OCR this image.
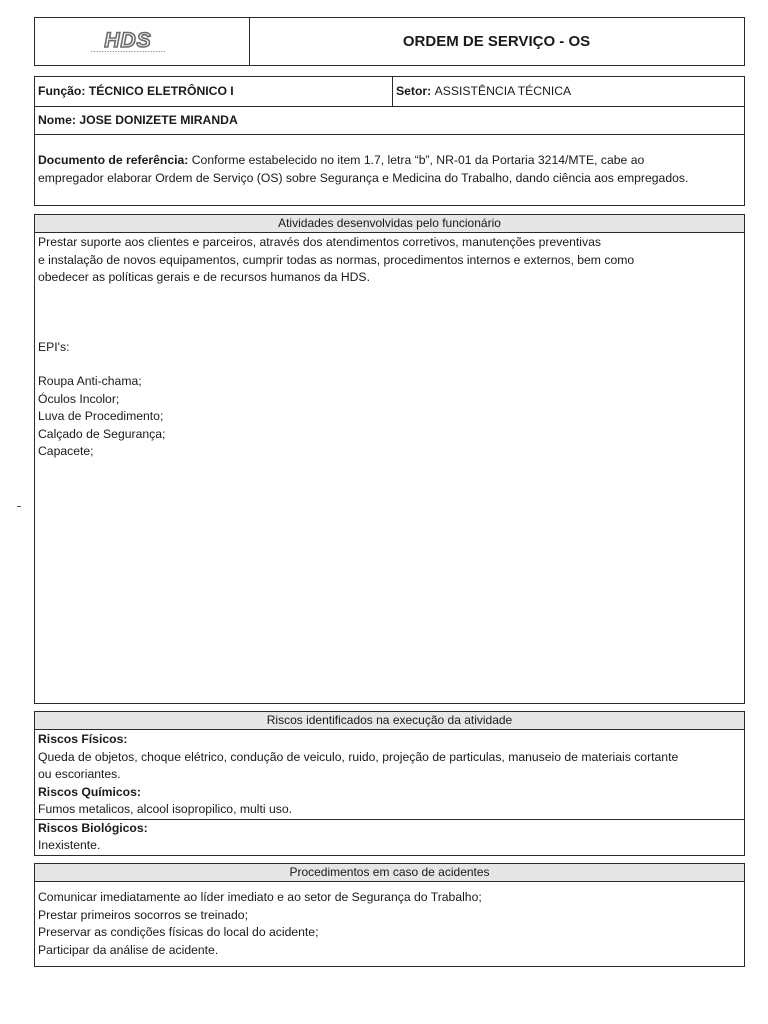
HDS	ORDEM DE SERVIÇO - OS
Função:
TÉCNICO ELETRÔNICO I	Setor:
ASSISTÊNCIA TÉCNICA
Nome:
JOSE DONIZETE MIRANDA
Documento de referência: Conforme estabelecido no item 1.7, letra “b”, NR-01 da Portaria 3214/MTE, cabe ao
empregador elaborar Ordem de Serviço (OS) sobre Segurança e Medicina do Trabalho, dando ciência aos empregados.
Atividades desenvolvidas pelo funcionário
Prestar suporte aos clientes e parceiros, através dos atendimentos corretivos, manutenções preventivas
e instalação de novos equipamentos, cumprir todas as normas, procedimentos internos e externos, bem como
obedecer as políticas gerais e de recursos humanos da HDS.
EPI's:
Roupa Anti-chama;
Óculos Incolor;
Luva de Procedimento;
Calçado de Segurança;
Capacete;
Riscos identificados na execução da atividade
Riscos Físicos:
Queda de objetos, choque elétrico, condução de veiculo, ruido, projeção de particulas, manuseio de materiais cortante
ou escoriantes.
Riscos Químicos:
Fumos metalicos, alcool isopropilico, multi uso.
Riscos Biológicos:
Inexistente.
Procedimentos em caso de acidentes
Comunicar imediatamente ao líder imediato e ao setor de Segurança do Trabalho;
Prestar primeiros socorros se treinado;
Preservar as condições físicas do local do acidente;
Participar da análise de acidente.
